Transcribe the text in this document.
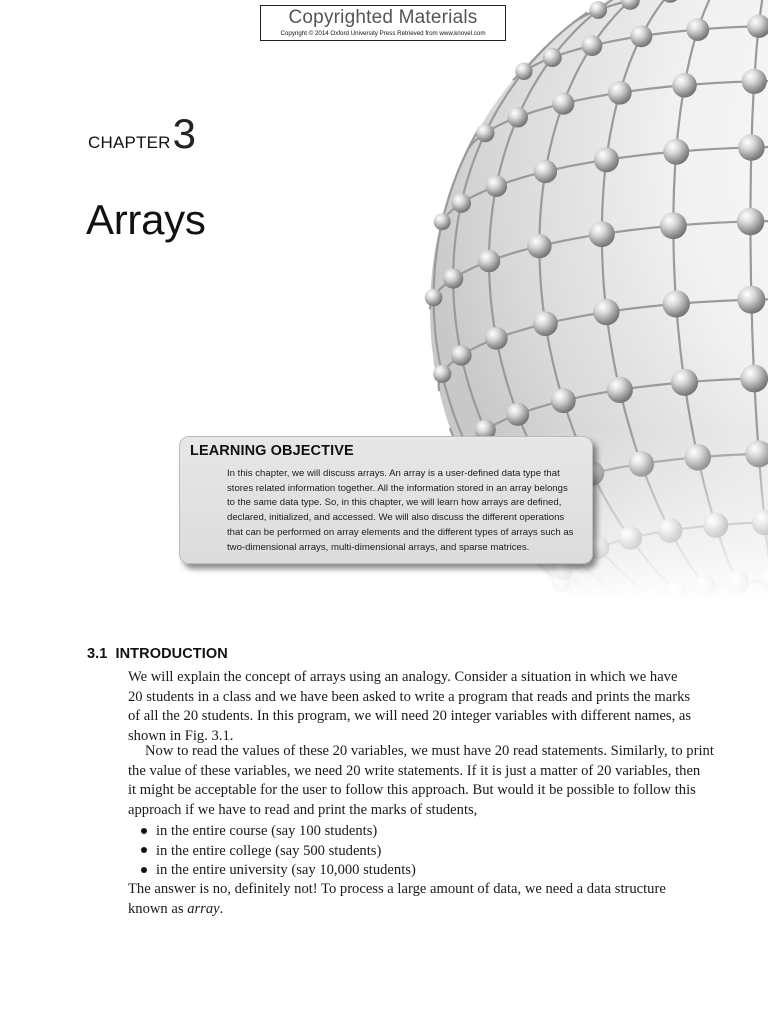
Copyrighted Materials
Copyright © 2014 Oxford University Press Retrieved from www.knovel.com
CHAPTER3
Arrays
LEARNING OBJECTIVE
In this chapter, we will discuss arrays. An array is a user-defined data type that
stores related information together. All the information stored in an array belongs
to the same data type. So, in this chapter, we will learn how arrays are defined,
declared, initialized, and accessed. We will also discuss the different operations
that can be performed on array elements and the different types of arrays such as
two-dimensional arrays, multi-dimensional arrays, and sparse matrices.
3.1 INTRODUCTION
We will explain the concept of arrays using an analogy. Consider a situation in which we have
20 students in a class and we have been asked to write a program that reads and prints the marks
of all the 20 students. In this program, we will need 20 integer variables with different names, as
shown in Fig. 3.1.
Now to read the values of these 20 variables, we must have 20 read statements. Similarly, to print
the value of these variables, we need 20 write statements. If it is just a matter of 20 variables, then
it might be acceptable for the user to follow this approach. But would it be possible to follow this
approach if we have to read and print the marks of students,
in the entire course (say 100 students)
in the entire college (say 500 students)
in the entire university (say 10,000 students)
The answer is no, definitely not! To process a large amount of data, we need a data structure
known as array.
